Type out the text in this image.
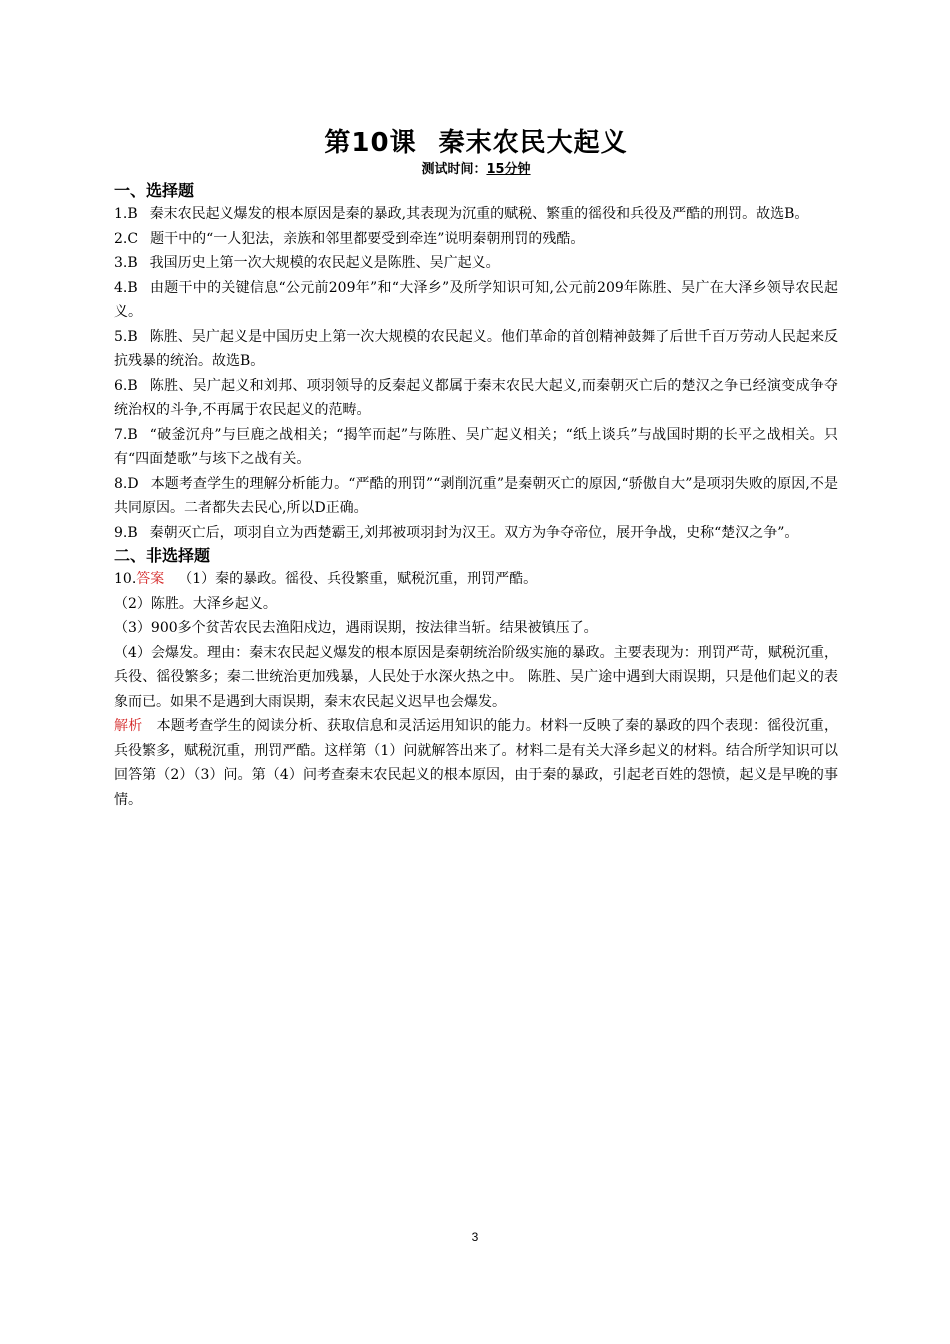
第10课 秦末农民大起义

测试时间：15分钟

一、选择题

1.B 秦末农民起义爆发的根本原因是秦的暴政,其表现为沉重的赋税、繁重的徭役和兵役及严酷的刑罚。故选B。

2.C 题干中的“一人犯法，亲族和邻里都要受到牵连”说明秦朝刑罚的残酷。

3.B 我国历史上第一次大规模的农民起义是陈胜、吴广起义。

4.B 由题干中的关键信息“公元前209年”和“大泽乡”及所学知识可知,公元前209年陈胜、吴广在大泽乡领导农民起义。

5.B 陈胜、吴广起义是中国历史上第一次大规模的农民起义。他们革命的首创精神鼓舞了后世千百万劳动人民起来反抗残暴的统治。故选B。

6.B 陈胜、吴广起义和刘邦、项羽领导的反秦起义都属于秦末农民大起义,而秦朝灭亡后的楚汉之争已经演变成争夺统治权的斗争,不再属于农民起义的范畴。

7.B “破釜沉舟”与巨鹿之战相关；“揭竿而起”与陈胜、吴广起义相关；“纸上谈兵”与战国时期的长平之战相关。只有“四面楚歌”与垓下之战有关。

8.D 本题考查学生的理解分析能力。“严酷的刑罚”“剥削沉重”是秦朝灭亡的原因,“骄傲自大”是项羽失败的原因,不是共同原因。二者都失去民心,所以D正确。

9.B 秦朝灭亡后，项羽自立为西楚霸王,刘邦被项羽封为汉王。双方为争夺帝位，展开争战，史称“楚汉之争”。

二、非选择题

10.答案 （1）秦的暴政。徭役、兵役繁重，赋税沉重，刑罚严酷。

（2）陈胜。大泽乡起义。

（3）900多个贫苦农民去渔阳戍边，遇雨误期，按法律当斩。结果被镇压了。

（4）会爆发。理由：秦末农民起义爆发的根本原因是秦朝统治阶级实施的暴政。主要表现为：刑罚严苛，赋税沉重，兵役、徭役繁多；秦二世统治更加残暴，人民处于水深火热之中。 陈胜、吴广途中遇到大雨误期，只是他们起义的表象而已。如果不是遇到大雨误期，秦末农民起义迟早也会爆发。

解析 本题考查学生的阅读分析、获取信息和灵活运用知识的能力。材料一反映了秦的暴政的四个表现：徭役沉重，兵役繁多，赋税沉重，刑罚严酷。这样第（1）问就解答出来了。材料二是有关大泽乡起义的材料。结合所学知识可以回答第（2）（3）问。第（4）问考查秦末农民起义的根本原因，由于秦的暴政，引起老百姓的怨愤，起义是早晚的事情。

3
